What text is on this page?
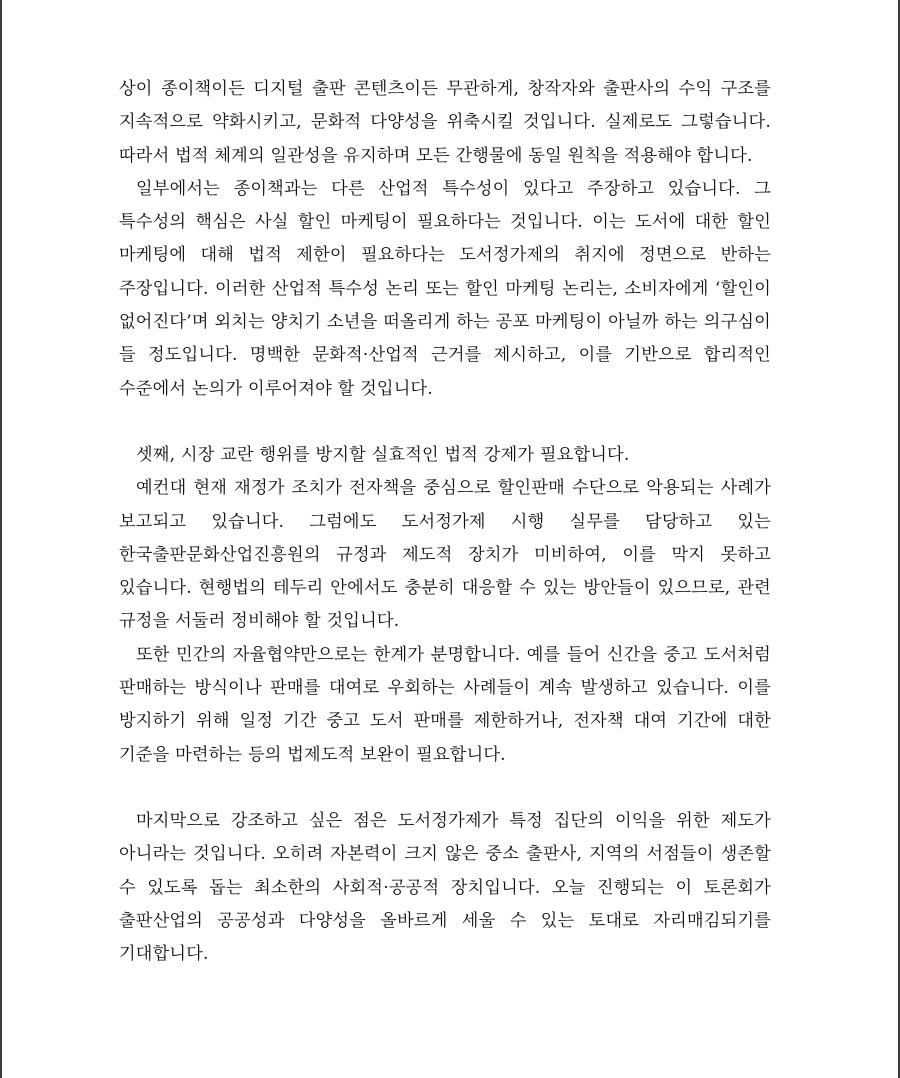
상이 종이책이든 디지털 출판 콘텐츠이든 무관하게, 창작자와 출판사의 수익 구조를 지속적으로 약화시키고, 문화적 다양성을 위축시킬 것입니다. 실제로도 그렇습니다. 따라서 법적 체계의 일관성을 유지하며 모든 간행물에 동일 원칙을 적용해야 합니다.

일부에서는 종이책과는 다른 산업적 특수성이 있다고 주장하고 있습니다. 그 특수성의 핵심은 사실 할인 마케팅이 필요하다는 것입니다. 이는 도서에 대한 할인 마케팅에 대해 법적 제한이 필요하다는 도서정가제의 취지에 정면으로 반하는 주장입니다. 이러한 산업적 특수성 논리 또는 할인 마케팅 논리는, 소비자에게 ‘할인이 없어진다’며 외치는 양치기 소년을 떠올리게 하는 공포 마케팅이 아닐까 하는 의구심이 들 정도입니다. 명백한 문화적·산업적 근거를 제시하고, 이를 기반으로 합리적인 수준에서 논의가 이루어져야 할 것입니다.

셋째, 시장 교란 행위를 방지할 실효적인 법적 강제가 필요합니다.

예컨대 현재 재정가 조치가 전자책을 중심으로 할인판매 수단으로 악용되는 사례가 보고되고 있습니다. 그럼에도 도서정가제 시행 실무를 담당하고 있는 한국출판문화산업진흥원의 규정과 제도적 장치가 미비하여, 이를 막지 못하고 있습니다. 현행법의 테두리 안에서도 충분히 대응할 수 있는 방안들이 있으므로, 관련 규정을 서둘러 정비해야 할 것입니다.

또한 민간의 자율협약만으로는 한계가 분명합니다. 예를 들어 신간을 중고 도서처럼 판매하는 방식이나 판매를 대여로 우회하는 사례들이 계속 발생하고 있습니다. 이를 방지하기 위해 일정 기간 중고 도서 판매를 제한하거나, 전자책 대여 기간에 대한 기준을 마련하는 등의 법제도적 보완이 필요합니다.

마지막으로 강조하고 싶은 점은 도서정가제가 특정 집단의 이익을 위한 제도가 아니라는 것입니다. 오히려 자본력이 크지 않은 중소 출판사, 지역의 서점들이 생존할 수 있도록 돕는 최소한의 사회적·공공적 장치입니다. 오늘 진행되는 이 토론회가 출판산업의 공공성과 다양성을 올바르게 세울 수 있는 토대로 자리매김되기를 기대합니다.
